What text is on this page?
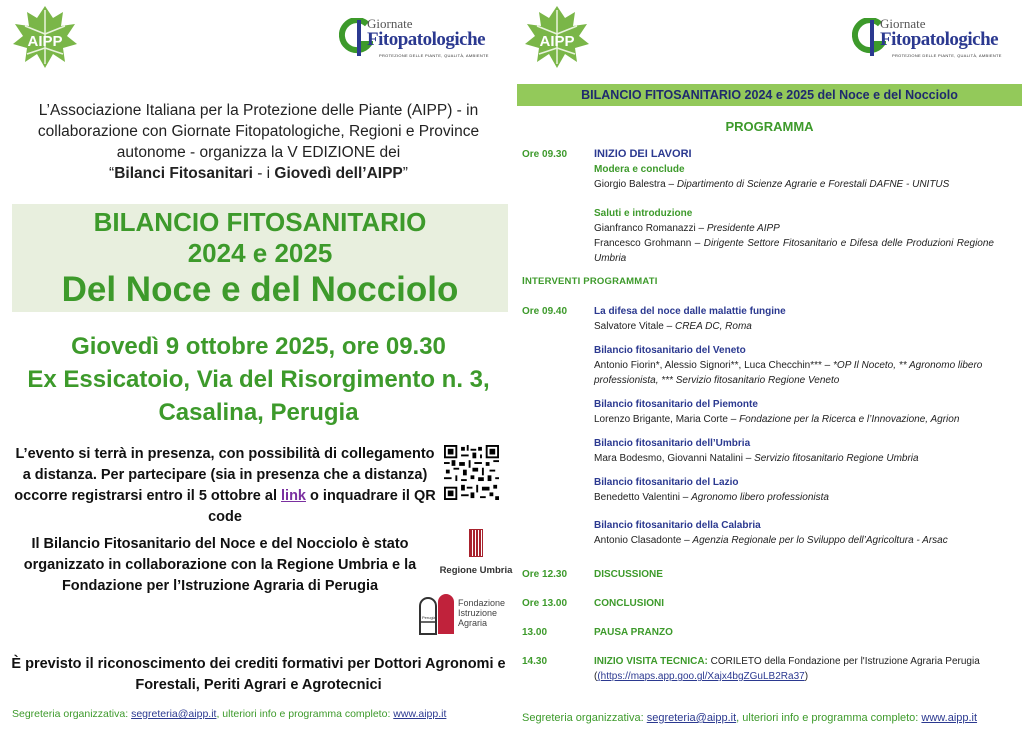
AIPP
Giornate
Fitopatologiche
PROTEZIONE DELLE PIANTE, QUALITÀ, AMBIENTE
AIPP
Giornate
Fitopatologiche
PROTEZIONE DELLE PIANTE, QUALITÀ, AMBIENTE
L’Associazione Italiana per la Protezione delle Piante (AIPP) - in
collaborazione con Giornate Fitopatologiche, Regioni e Province
autonome - organizza la V EDIZIONE dei
“Bilanci Fitosanitari - i Giovedì dell’AIPP”
BILANCIO FITOSANITARIO
2024 e 2025
Del Noce e del Nocciolo
Giovedì 9 ottobre 2025, ore 09.30
Ex Essicatoio, Via del Risorgimento n. 3,
Casalina, Perugia
L’evento si terrà in presenza, con possibilità di collegamento a distanza. Per partecipare (sia in presenza che a distanza) occorre registrarsi entro il 5 ottobre al link o inquadrare il QR code
Il Bilancio Fitosanitario del Noce e del Nocciolo è stato organizzato in collaborazione con la Regione Umbria e la Fondazione per l’Istruzione Agraria di Perugia
Regione Umbria
Perugia
Fondazione
Istruzione
Agraria
È previsto il riconoscimento dei crediti formativi per Dottori Agronomi e Forestali, Periti Agrari e Agrotecnici
Segreteria organizzativa: segreteria@aipp.it, ulteriori info e programma completo: www.aipp.it
BILANCIO FITOSANITARIO 2024 e 2025 del Noce e del Nocciolo
PROGRAMMA
Ore 09.30 INIZIO DEI LAVORI
Modera e conclude
Giorgio Balestra – Dipartimento di Scienze Agrarie e Forestali DAFNE - UNITUS
Saluti e introduzione
Gianfranco Romanazzi – Presidente AIPP
Francesco Grohmann – Dirigente Settore Fitosanitario e Difesa delle Produzioni Regione Umbria
INTERVENTI PROGRAMMATI
Ore 09.40	La difesa del noce dalle malattie fungine
Salvatore Vitale – CREA DC, Roma
Bilancio fitosanitario del Veneto
Antonio Fiorin*, Alessio Signori**, Luca Checchin*** – *OP Il Noceto, ** Agronomo libero professionista, *** Servizio fitosanitario Regione Veneto
Bilancio fitosanitario del Piemonte
Lorenzo Brigante, Maria Corte – Fondazione per la Ricerca e l’Innovazione, Agrion
Bilancio fitosanitario dell’Umbria
Mara Bodesmo, Giovanni Natalini – Servizio fitosanitario Regione Umbria
Bilancio fitosanitario del Lazio
Benedetto Valentini – Agronomo libero professionista
Bilancio fitosanitario della Calabria
Antonio Clasadonte – Agenzia Regionale per lo Sviluppo dell’Agricoltura - Arsac
Ore 12.30	DISCUSSIONE
Ore 13.00	CONCLUSIONI
13.00	PAUSA PRANZO
14.30	INIZIO VISITA TECNICA: CORILETO della Fondazione per l'Istruzione Agraria Perugia
((https://maps.app.goo.gl/Xajx4bgZGuLB2Ra37)
Segreteria organizzativa: segreteria@aipp.it, ulteriori info e programma completo: www.aipp.it
